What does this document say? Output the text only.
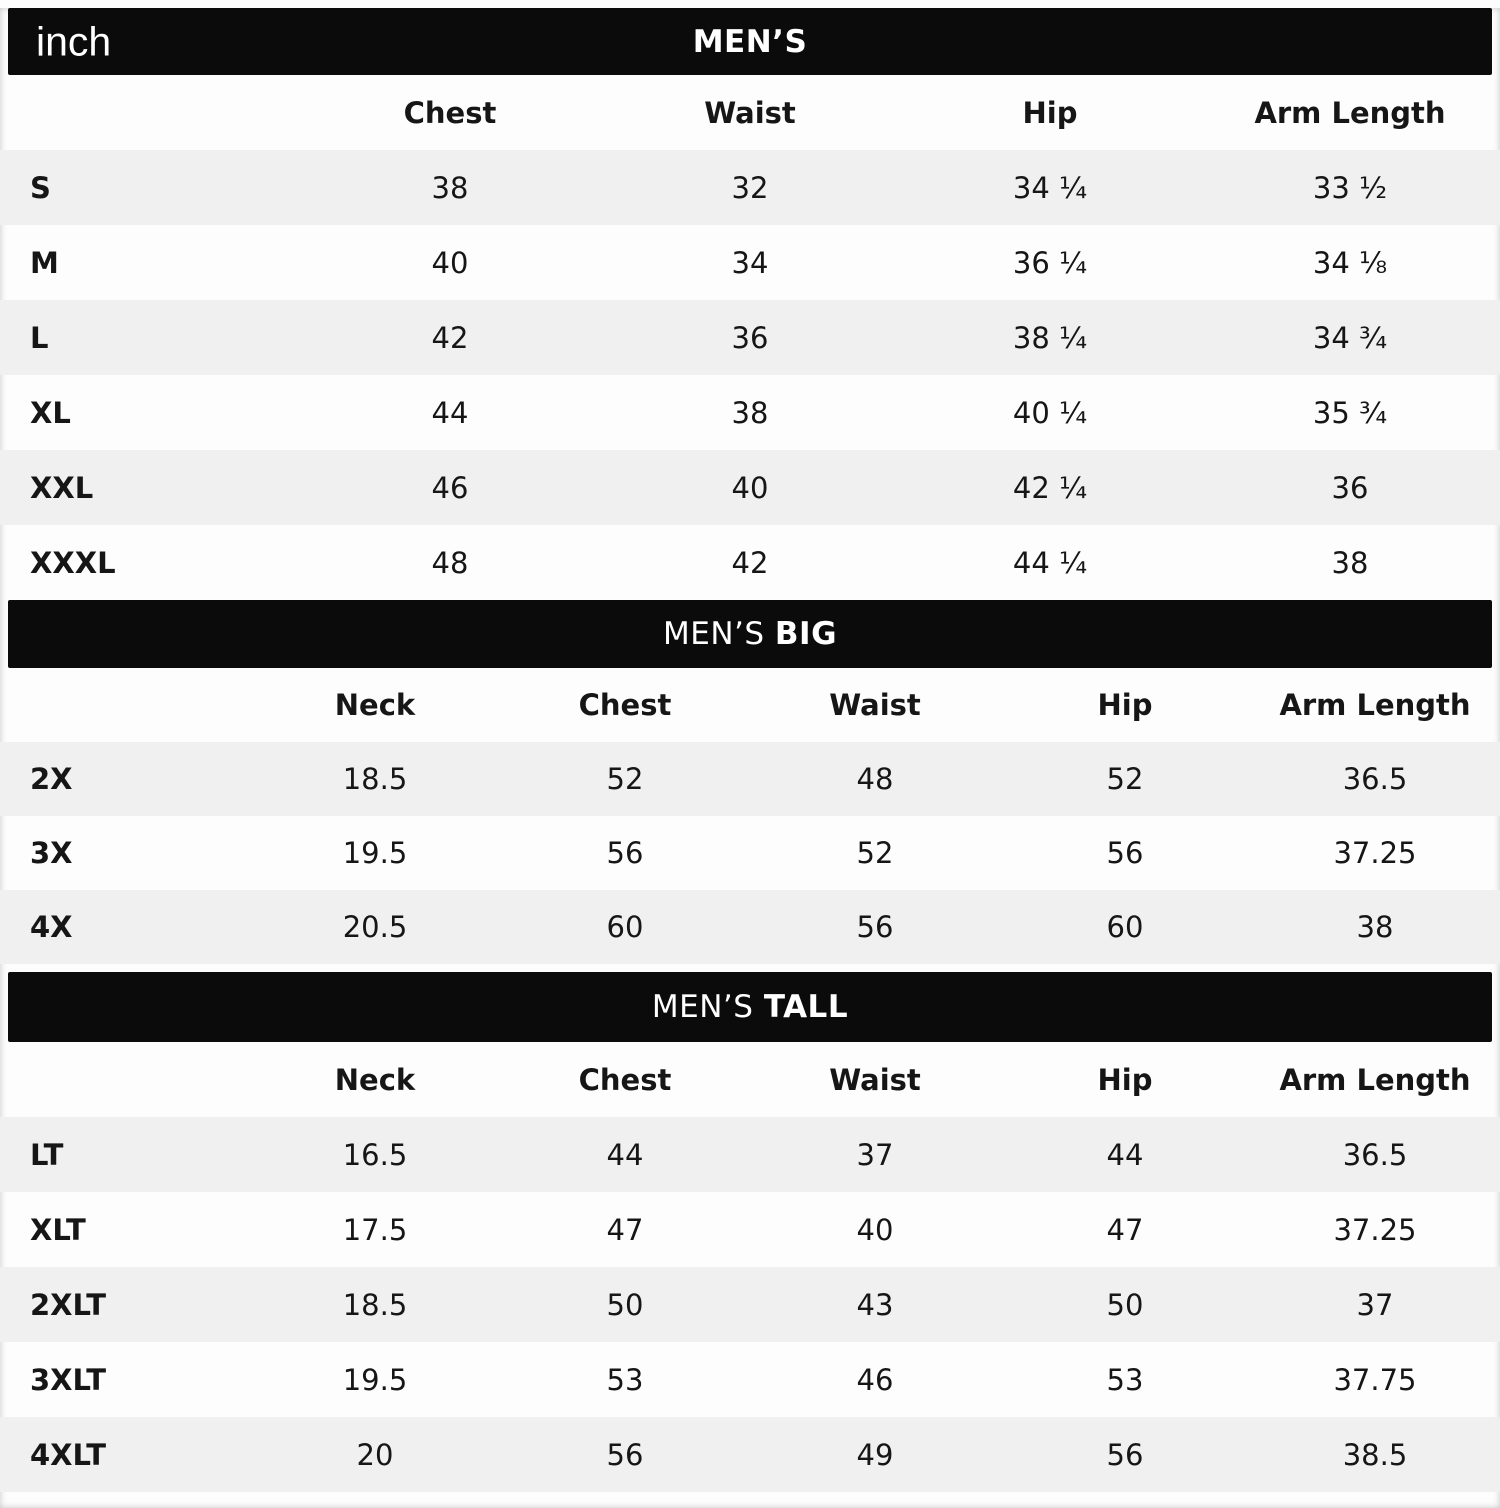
inch	MEN’S
Chest	Waist	Hip	Arm Length
S	38	32	34 ¼	33 ½
M	40	34	36 ¼	34 ⅛
L	42	36	38 ¼	34 ¾
XL	44	38	40 ¼	35 ¾
XXL	46	40	42 ¼	36
XXXL	48	42	44 ¼	38
MEN’S BIG
Neck	Chest	Waist	Hip	Arm Length
2X	18.5	52	48	52	36.5
3X	19.5	56	52	56	37.25
4X	20.5	60	56	60	38
MEN’S TALL
Neck	Chest	Waist	Hip	Arm Length
LT	16.5	44	37	44	36.5
XLT	17.5	47	40	47	37.25
2XLT	18.5	50	43	50	37
3XLT	19.5	53	46	53	37.75
4XLT	20	56	49	56	38.5
